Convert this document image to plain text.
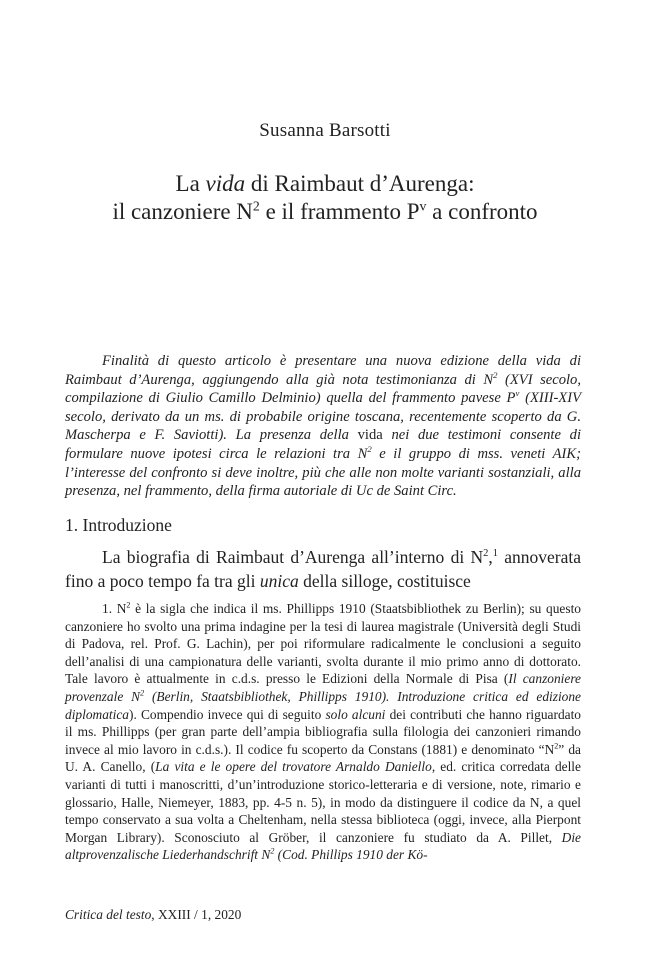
Susanna Barsotti
La vida di Raimbaut d’Aurenga:
il canzoniere $N^2$ e il frammento $P^v$ a confronto
Finalità di questo articolo è presentare una nuova edizione della vida di Raimbaut d’Aurenga, aggiungendo alla già nota testimonianza di $N^2$ (XVI secolo, compilazione di Giulio Camillo Delminio) quella del frammento pavese $P^v$ (XIII-XIV secolo, derivato da un ms. di probabile origine toscana, recentemente scoperto da G. Mascherpa e F. Saviotti). La presenza della vida nei due testimoni consente di formulare nuove ipotesi circa le relazioni tra $N^2$ e il gruppo di mss. veneti AIK; l’interesse del confronto si deve inoltre, più che alle non molte varianti sostanziali, alla presenza, nel frammento, della firma autoriale di Uc de Saint Circ.
1. Introduzione
La biografia di Raimbaut d’Aurenga all’interno di $N^2,^1$ annoverata fino a poco tempo fa tra gli unica della silloge, costituisce
1. $N^2$ è la sigla che indica il ms. Phillipps 1910 (Staatsbibliothek zu Berlin); su questo canzoniere ho svolto una prima indagine per la tesi di laurea magistrale (Università degli Studi di Padova, rel. Prof. G. Lachin), per poi riformulare radicalmente le conclusioni a seguito dell’analisi di una campionatura delle varianti, svolta durante il mio primo anno di dottorato. Tale lavoro è attualmente in c.d.s. presso le Edizioni della Normale di Pisa (Il canzoniere provenzale $N^2$ (Berlin, Staatsbibliothek, Phillipps 1910). Introduzione critica ed edizione diplomatica). Compendio invece qui di seguito solo alcuni dei contributi che hanno riguardato il ms. Phillipps (per gran parte dell’ampia bibliografia sulla filologia dei canzonieri rimando invece al mio lavoro in c.d.s.). Il codice fu scoperto da Constans (1881) e denominato “$N^2$” da U. A. Canello, (La vita e le opere del trovatore Arnaldo Daniello, ed. critica corredata delle varianti di tutti i manoscritti, d’un’introduzione storico-letteraria e di versione, note, rimario e glossario, Halle, Niemeyer, 1883, pp. 4-5 n. 5), in modo da distinguere il codice da N, a quel tempo conservato a sua volta a Cheltenham, nella stessa biblioteca (oggi, invece, alla Pierpont Morgan Library). Sconosciuto al Gröber, il canzoniere fu studiato da A. Pillet, Die altprovenzalische Liederhandschrift $N^2$ (Cod. Phillips 1910 der Kö-
Critica del testo, XXIII / 1, 2020
